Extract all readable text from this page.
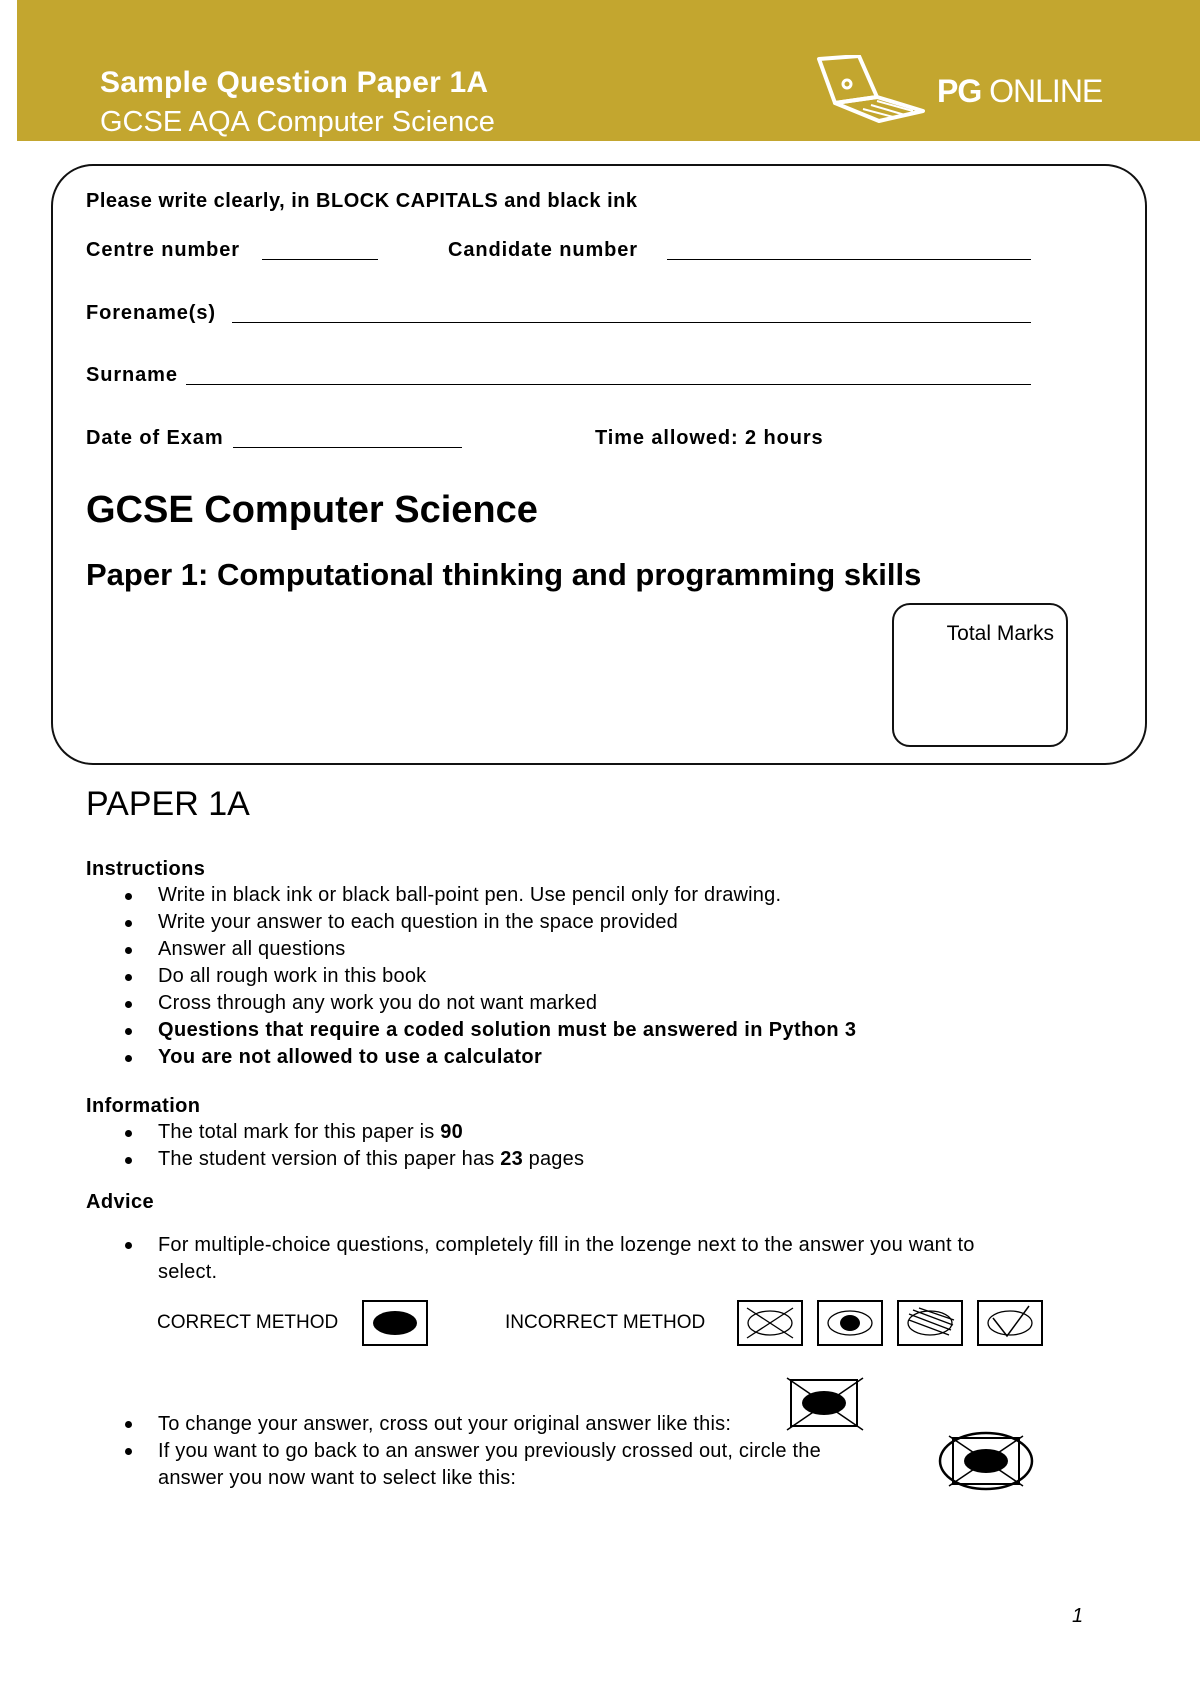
Sample Question Paper 1A
GCSE AQA Computer Science
PG ONLINE
Please write clearly, in BLOCK CAPITALS and black ink
Centre number	Candidate number
Forename(s)
Surname
Date of Exam	Time allowed: 2 hours
GCSE Computer Science
Paper 1: Computational thinking and programming skills
Total Marks
PAPER 1A
Instructions
Write in black ink or black ball-point pen. Use pencil only for drawing.
Write your answer to each question in the space provided
Answer all questions
Do all rough work in this book
Cross through any work you do not want marked
Questions that require a coded solution must be answered in Python 3
You are not allowed to use a calculator
Information
The total mark for this paper is 90
The student version of this paper has 23 pages
Advice
For multiple-choice questions, completely fill in the lozenge next to the answer you want to
select.
CORRECT METHOD	INCORRECT METHOD
To change your answer, cross out your original answer like this:
If you want to go back to an answer you previously crossed out, circle the
answer you now want to select like this:
1
